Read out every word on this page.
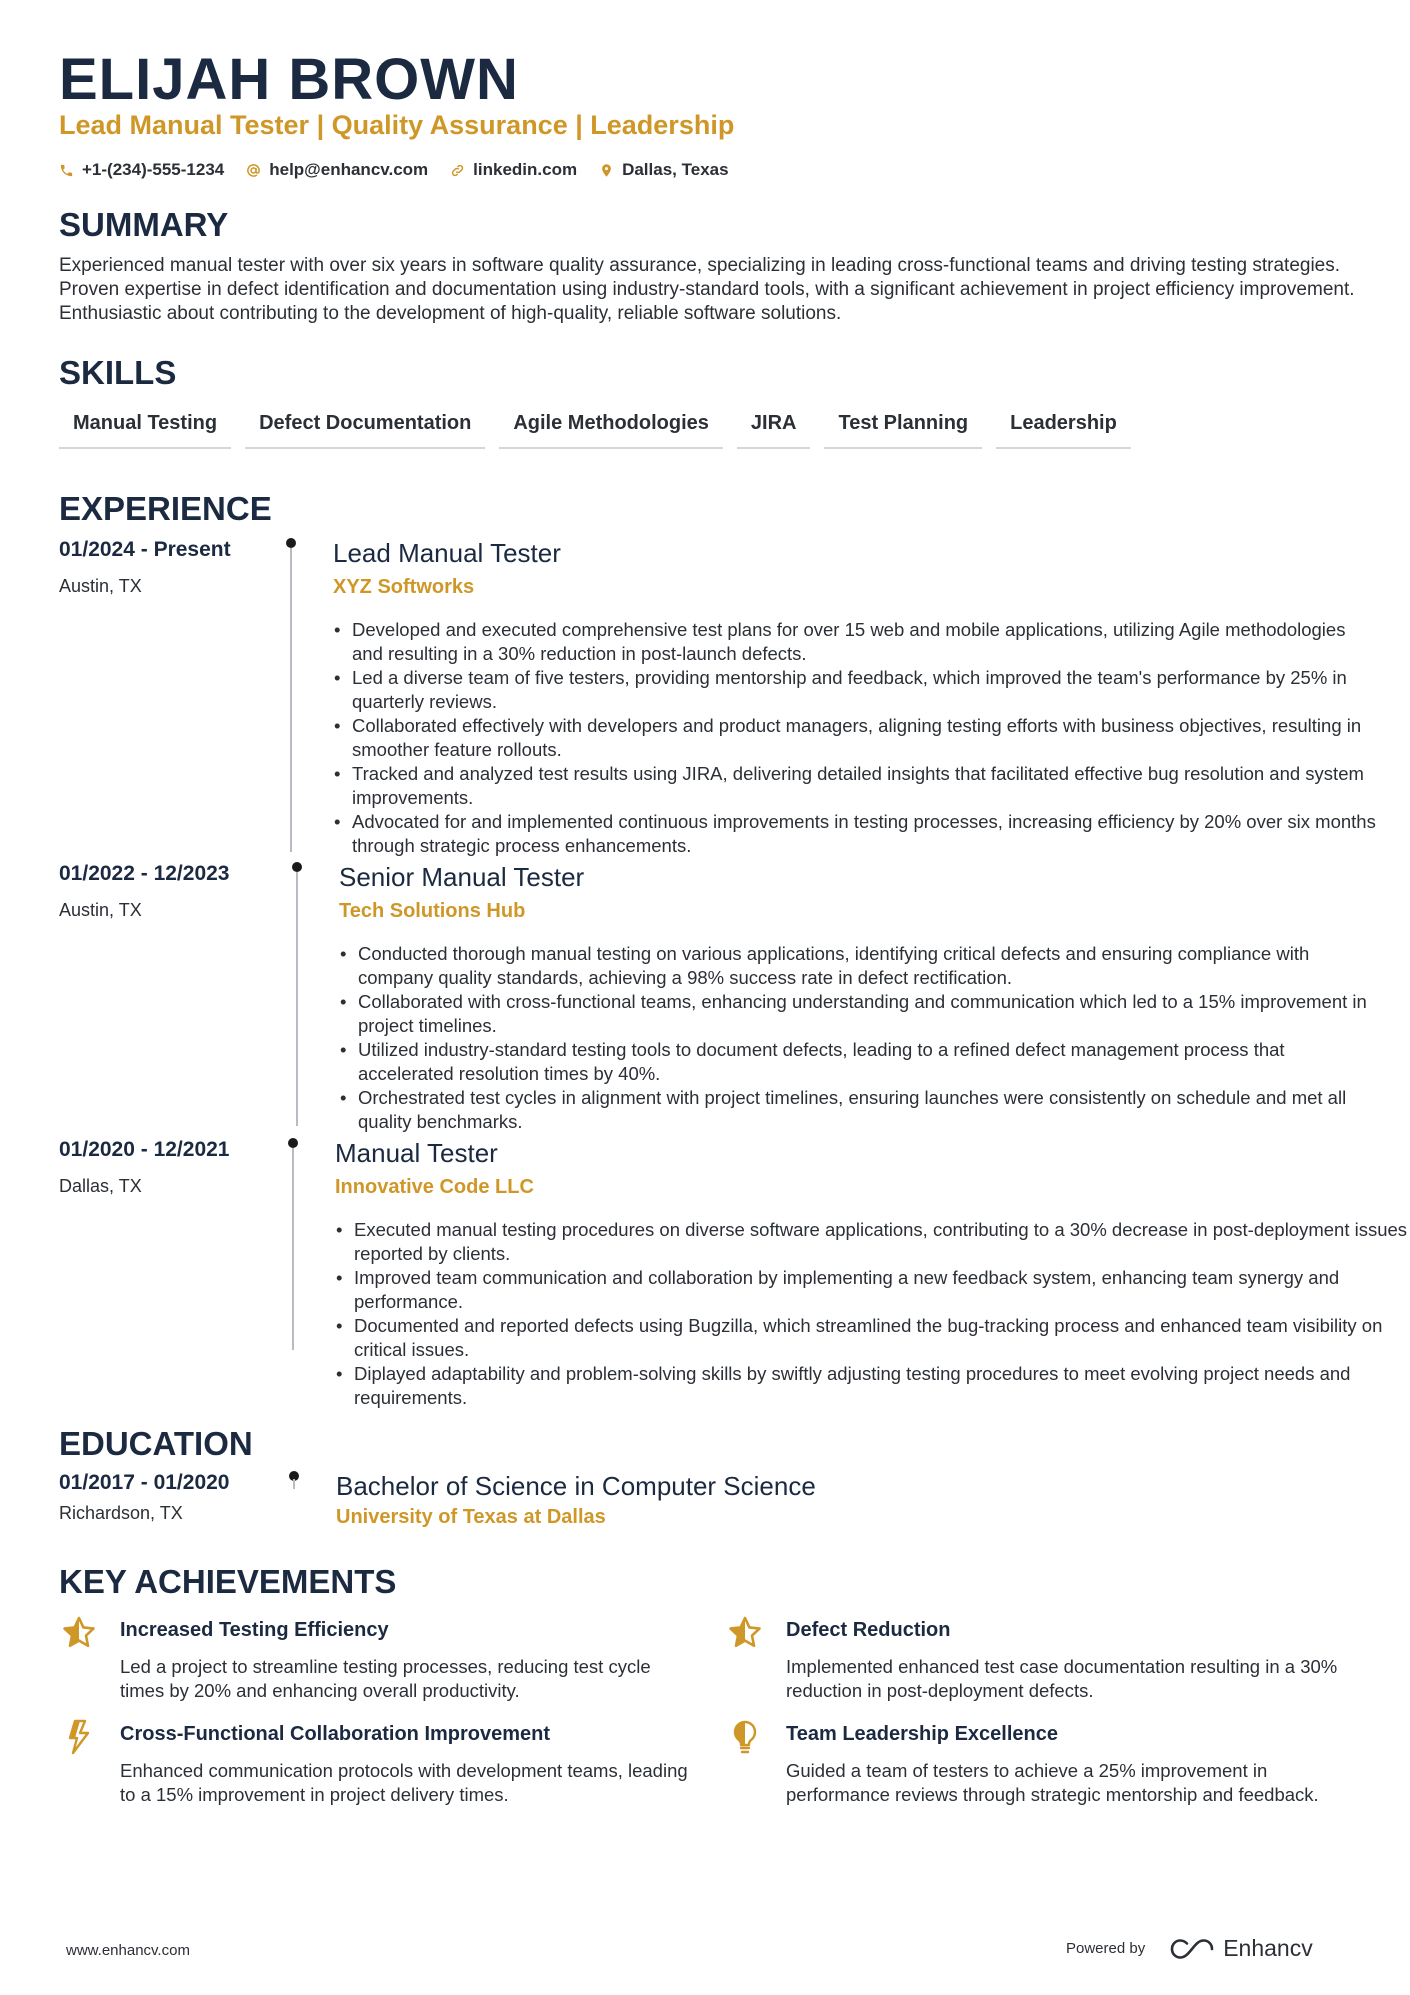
ELIJAH BROWN
Lead Manual Tester | Quality Assurance | Leadership
+1-(234)-555-1234	help@enhancv.com	linkedin.com	Dallas, Texas
SUMMARY
Experienced manual tester with over six years in software quality assurance, specializing in leading cross-functional teams and driving testing strategies. Proven expertise in defect identification and documentation using industry-standard tools, with a significant achievement in project efficiency improvement. Enthusiastic about contributing to the development of high-quality, reliable software solutions.
SKILLS
Manual Testing	Defect Documentation	Agile Methodologies	JIRA	Test Planning	Leadership
EXPERIENCE
01/2024 - Present
Austin, TX
Lead Manual Tester
XYZ Softworks
• Developed and executed comprehensive test plans for over 15 web and mobile applications, utilizing Agile methodologies and resulting in a 30% reduction in post-launch defects.
• Led a diverse team of five testers, providing mentorship and feedback, which improved the team's performance by 25% in quarterly reviews.
• Collaborated effectively with developers and product managers, aligning testing efforts with business objectives, resulting in smoother feature rollouts.
• Tracked and analyzed test results using JIRA, delivering detailed insights that facilitated effective bug resolution and system improvements.
• Advocated for and implemented continuous improvements in testing processes, increasing efficiency by 20% over six months through strategic process enhancements.
01/2022 - 12/2023
Austin, TX
Senior Manual Tester
Tech Solutions Hub
• Conducted thorough manual testing on various applications, identifying critical defects and ensuring compliance with company quality standards, achieving a 98% success rate in defect rectification.
• Collaborated with cross-functional teams, enhancing understanding and communication which led to a 15% improvement in project timelines.
• Utilized industry-standard testing tools to document defects, leading to a refined defect management process that accelerated resolution times by 40%.
• Orchestrated test cycles in alignment with project timelines, ensuring launches were consistently on schedule and met all quality benchmarks.
01/2020 - 12/2021
Dallas, TX
Manual Tester
Innovative Code LLC
• Executed manual testing procedures on diverse software applications, contributing to a 30% decrease in post-deployment issues reported by clients.
• Improved team communication and collaboration by implementing a new feedback system, enhancing team synergy and performance.
• Documented and reported defects using Bugzilla, which streamlined the bug-tracking process and enhanced team visibility on critical issues.
• Diplayed adaptability and problem-solving skills by swiftly adjusting testing procedures to meet evolving project needs and requirements.
EDUCATION
01/2017 - 01/2020
Richardson, TX
Bachelor of Science in Computer Science
University of Texas at Dallas
KEY ACHIEVEMENTS
Increased Testing Efficiency
Led a project to streamline testing processes, reducing test cycle times by 20% and enhancing overall productivity.
Defect Reduction
Implemented enhanced test case documentation resulting in a 30% reduction in post-deployment defects.
Cross-Functional Collaboration Improvement
Enhanced communication protocols with development teams, leading to a 15% improvement in project delivery times.
Team Leadership Excellence
Guided a team of testers to achieve a 25% improvement in performance reviews through strategic mentorship and feedback.
www.enhancv.com	Powered by	Enhancv
